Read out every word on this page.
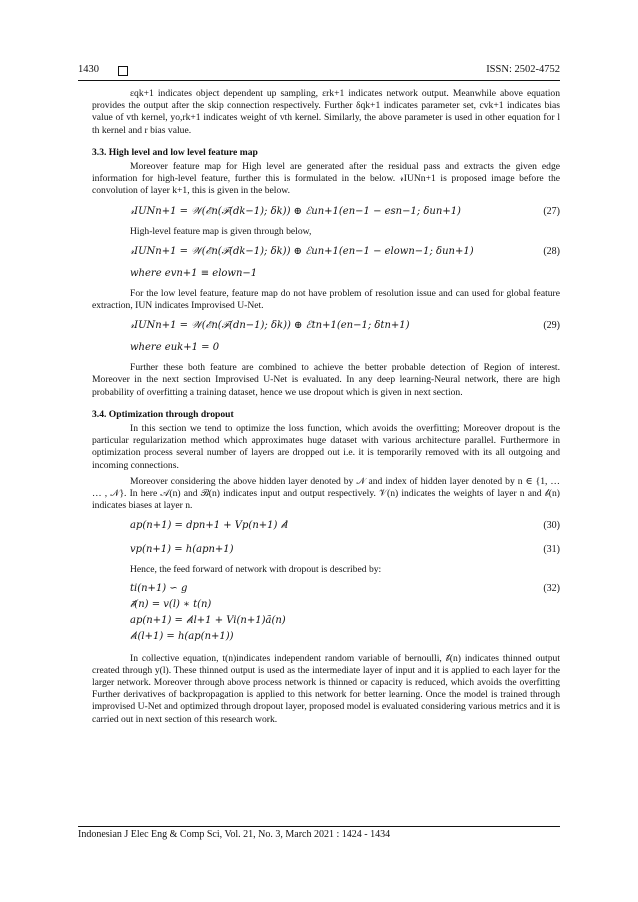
1430	ISSN: 2502-4752

εqk+1 indicates object dependent up sampling, εrk+1 indicates network output. Meanwhile above equation provides the output after the skip connection respectively. Further δqk+1 indicates parameter set, cvk+1 indicates bias value of vth kernel, yo,rk+1 indicates weight of vth kernel. Similarly, the above parameter is used in other equation for l th kernel and r bias value.

3.3. High level and low level feature map

Moreover feature map for High level are generated after the residual pass and extracts the given edge information for high-level feature, further this is formulated in the below. 𝓇IUNn+1 is proposed image before the convolution of layer k+1, this is given in the below.

𝓇IUNn+1 = 𝒲(ℰn(ℱ(dk−1); δk)) ⊕ ℰun+1(en−1 − esn−1; δun+1)	(27)

High-level feature map is given through below,

𝓇IUNn+1 = 𝒲(ℰn(ℱ(dk−1); δk)) ⊕ ℰun+1(en−1 − elown−1; δun+1)	(28)
where evn+1 ≡ elown−1

For the low level feature, feature map do not have problem of resolution issue and can used for global feature extraction, IUN indicates Improvised U-Net.

𝓇IUNn+1 = 𝒲(ℰn(ℱ(dn−1); δk)) ⊕ ℰtn+1(en−1; δtn+1)	(29)
where euk+1 = 0

Further these both feature are combined to achieve the better probable detection of Region of interest. Moreover in the next section Improvised U-Net is evaluated. In any deep learning-Neural network, there are high probability of overfitting a training dataset, hence we use dropout which is given in next section.

3.4. Optimization through dropout

In this section we tend to optimize the loss function, which avoids the overfitting; Moreover dropout is the particular regularization method which approximates huge dataset with various architecture parallel. Furthermore in optimization process several number of layers are dropped out i.e. it is temporarily removed with its all outgoing and incoming connections.

Moreover considering the above hidden layer denoted by 𝒩 and index of hidden layer denoted by n ∈ {1, … … , 𝒩}. In here 𝒜(n) and ℬ(n) indicates input and output respectively. 𝒱(n) indicates the weights of layer n and 𝒷(n) indicates biases at layer n.

ap(n+1) = dpn+1 + Vp(n+1) 𝒷l	(30)
vp(n+1) = h(apn+1)	(31)

Hence, the feed forward of network with dropout is described by:

ti(n+1) ∽ g
𝒷̃(n) = v(l) ∗ t(n)
ap(n+1) = 𝒷il+1 + Vi(n+1)ã(n)
𝒷i(l+1) = h(ap(n+1))
(32)

In collective equation, t(n)indicates independent random variable of bernoulli, 𝒷̃(n) indicates thinned output created through y(l). These thinned output is used as the intermediate layer of input and it is applied to each layer for the larger network. Moreover through above process network is thinned or capacity is reduced, which avoids the overfitting Further derivatives of backpropagation is applied to this network for better learning. Once the model is trained through improvised U-Net and optimized through dropout layer, proposed model is evaluated considering various metrics and it is carried out in next section of this research work.

Indonesian J Elec Eng & Comp Sci, Vol. 21, No. 3, March 2021 : 1424 - 1434
